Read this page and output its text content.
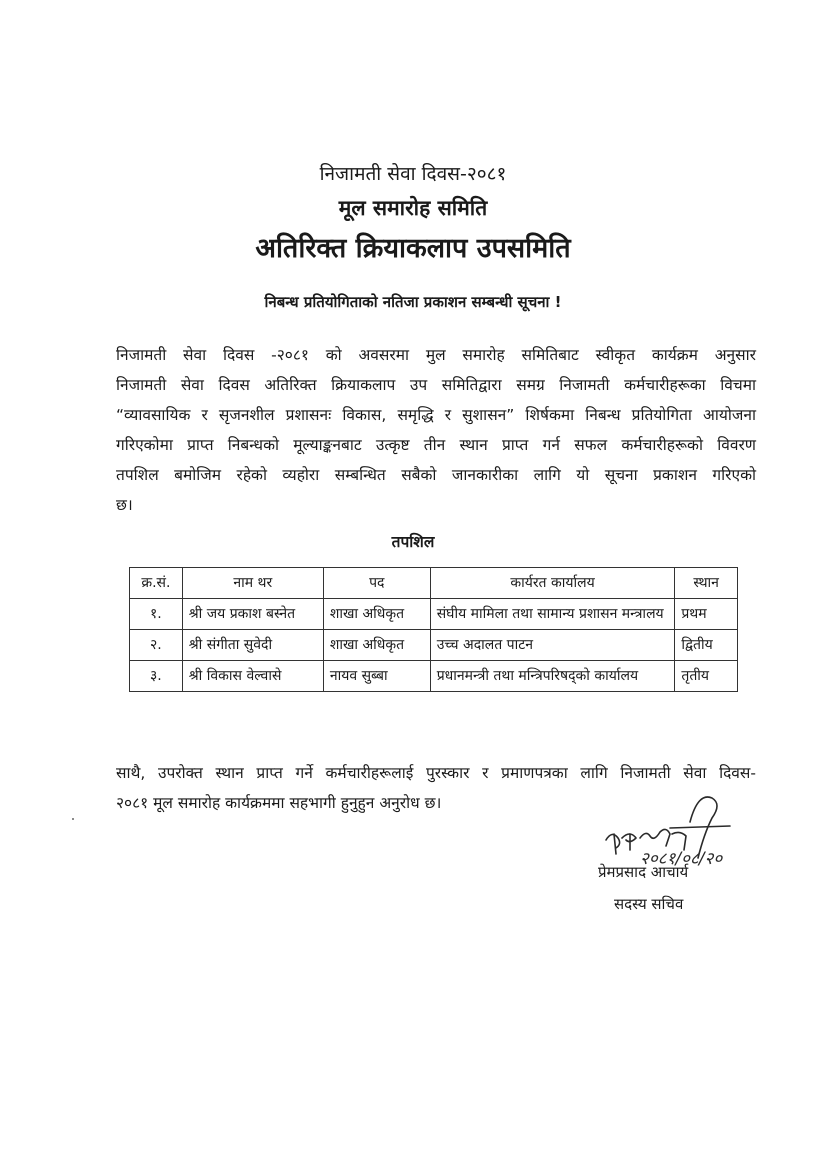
निजामती सेवा दिवस-२०८१
मूल समारोह समिति
अतिरिक्त क्रियाकलाप उपसमिति
निबन्ध प्रतियोगिताको नतिजा प्रकाशन सम्बन्धी सूचना !
निजामती सेवा दिवस -२०८१ को अवसरमा मुल समारोह समितिबाट स्वीकृत कार्यक्रम अनुसार
निजामती सेवा दिवस अतिरिक्त क्रियाकलाप उप समितिद्वारा समग्र निजामती कर्मचारीहरूका विचमा
“व्यावसायिक र सृजनशील प्रशासनः विकास, समृद्धि र सुशासन” शिर्षकमा निबन्ध प्रतियोगिता आयोजना
गरिएकोमा प्राप्त निबन्धको मूल्याङ्कनबाट उत्कृष्ट तीन स्थान प्राप्त गर्न सफल कर्मचारीहरूको विवरण
तपशिल बमोजिम रहेको व्यहोरा सम्बन्धित सबैको जानकारीका लागि यो सूचना प्रकाशन गरिएको
छ।
तपशिल
क्र.सं.	नाम थर	पद	कार्यरत कार्यालय	स्थान
१.	श्री जय प्रकाश बस्नेत	शाखा अधिकृत	संघीय मामिला तथा सामान्य प्रशासन मन्त्रालय	प्रथम
२.	श्री संगीता सुवेदी	शाखा अधिकृत	उच्च अदालत पाटन	द्वितीय
३.	श्री विकास वेल्वासे	नायव सुब्बा	प्रधानमन्त्री तथा मन्त्रिपरिषद्को कार्यालय	तृतीय
साथै, उपरोक्त स्थान प्राप्त गर्ने कर्मचारीहरूलाई पुरस्कार र प्रमाणपत्रका लागि निजामती सेवा दिवस-
२०८१ मूल समारोह कार्यक्रममा सहभागी हुनुहुन अनुरोध छ।
२०८१/०८/२०
प्रेमप्रसाद आचार्य
सदस्य सचिव
